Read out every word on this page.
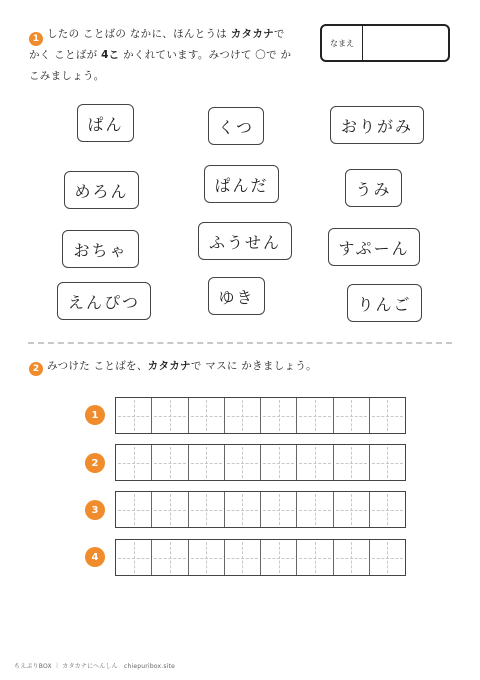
1 したの ことばの なかに、ほんとうは カタカナで
かく ことばが 4こ かくれています。みつけて 〇で か
こみましょう。
なまえ
ぱん	くつ	おりがみ
めろん	ぱんだ	うみ
おちゃ	ふうせん	すぷーん
えんぴつ	ゆき	りんご
2 みつけた ことばを、カタカナで マスに かきましょう。
1
2
3
4
ちえぷりBOX ｜ カタカナにへんしん　chiepuribox.site
